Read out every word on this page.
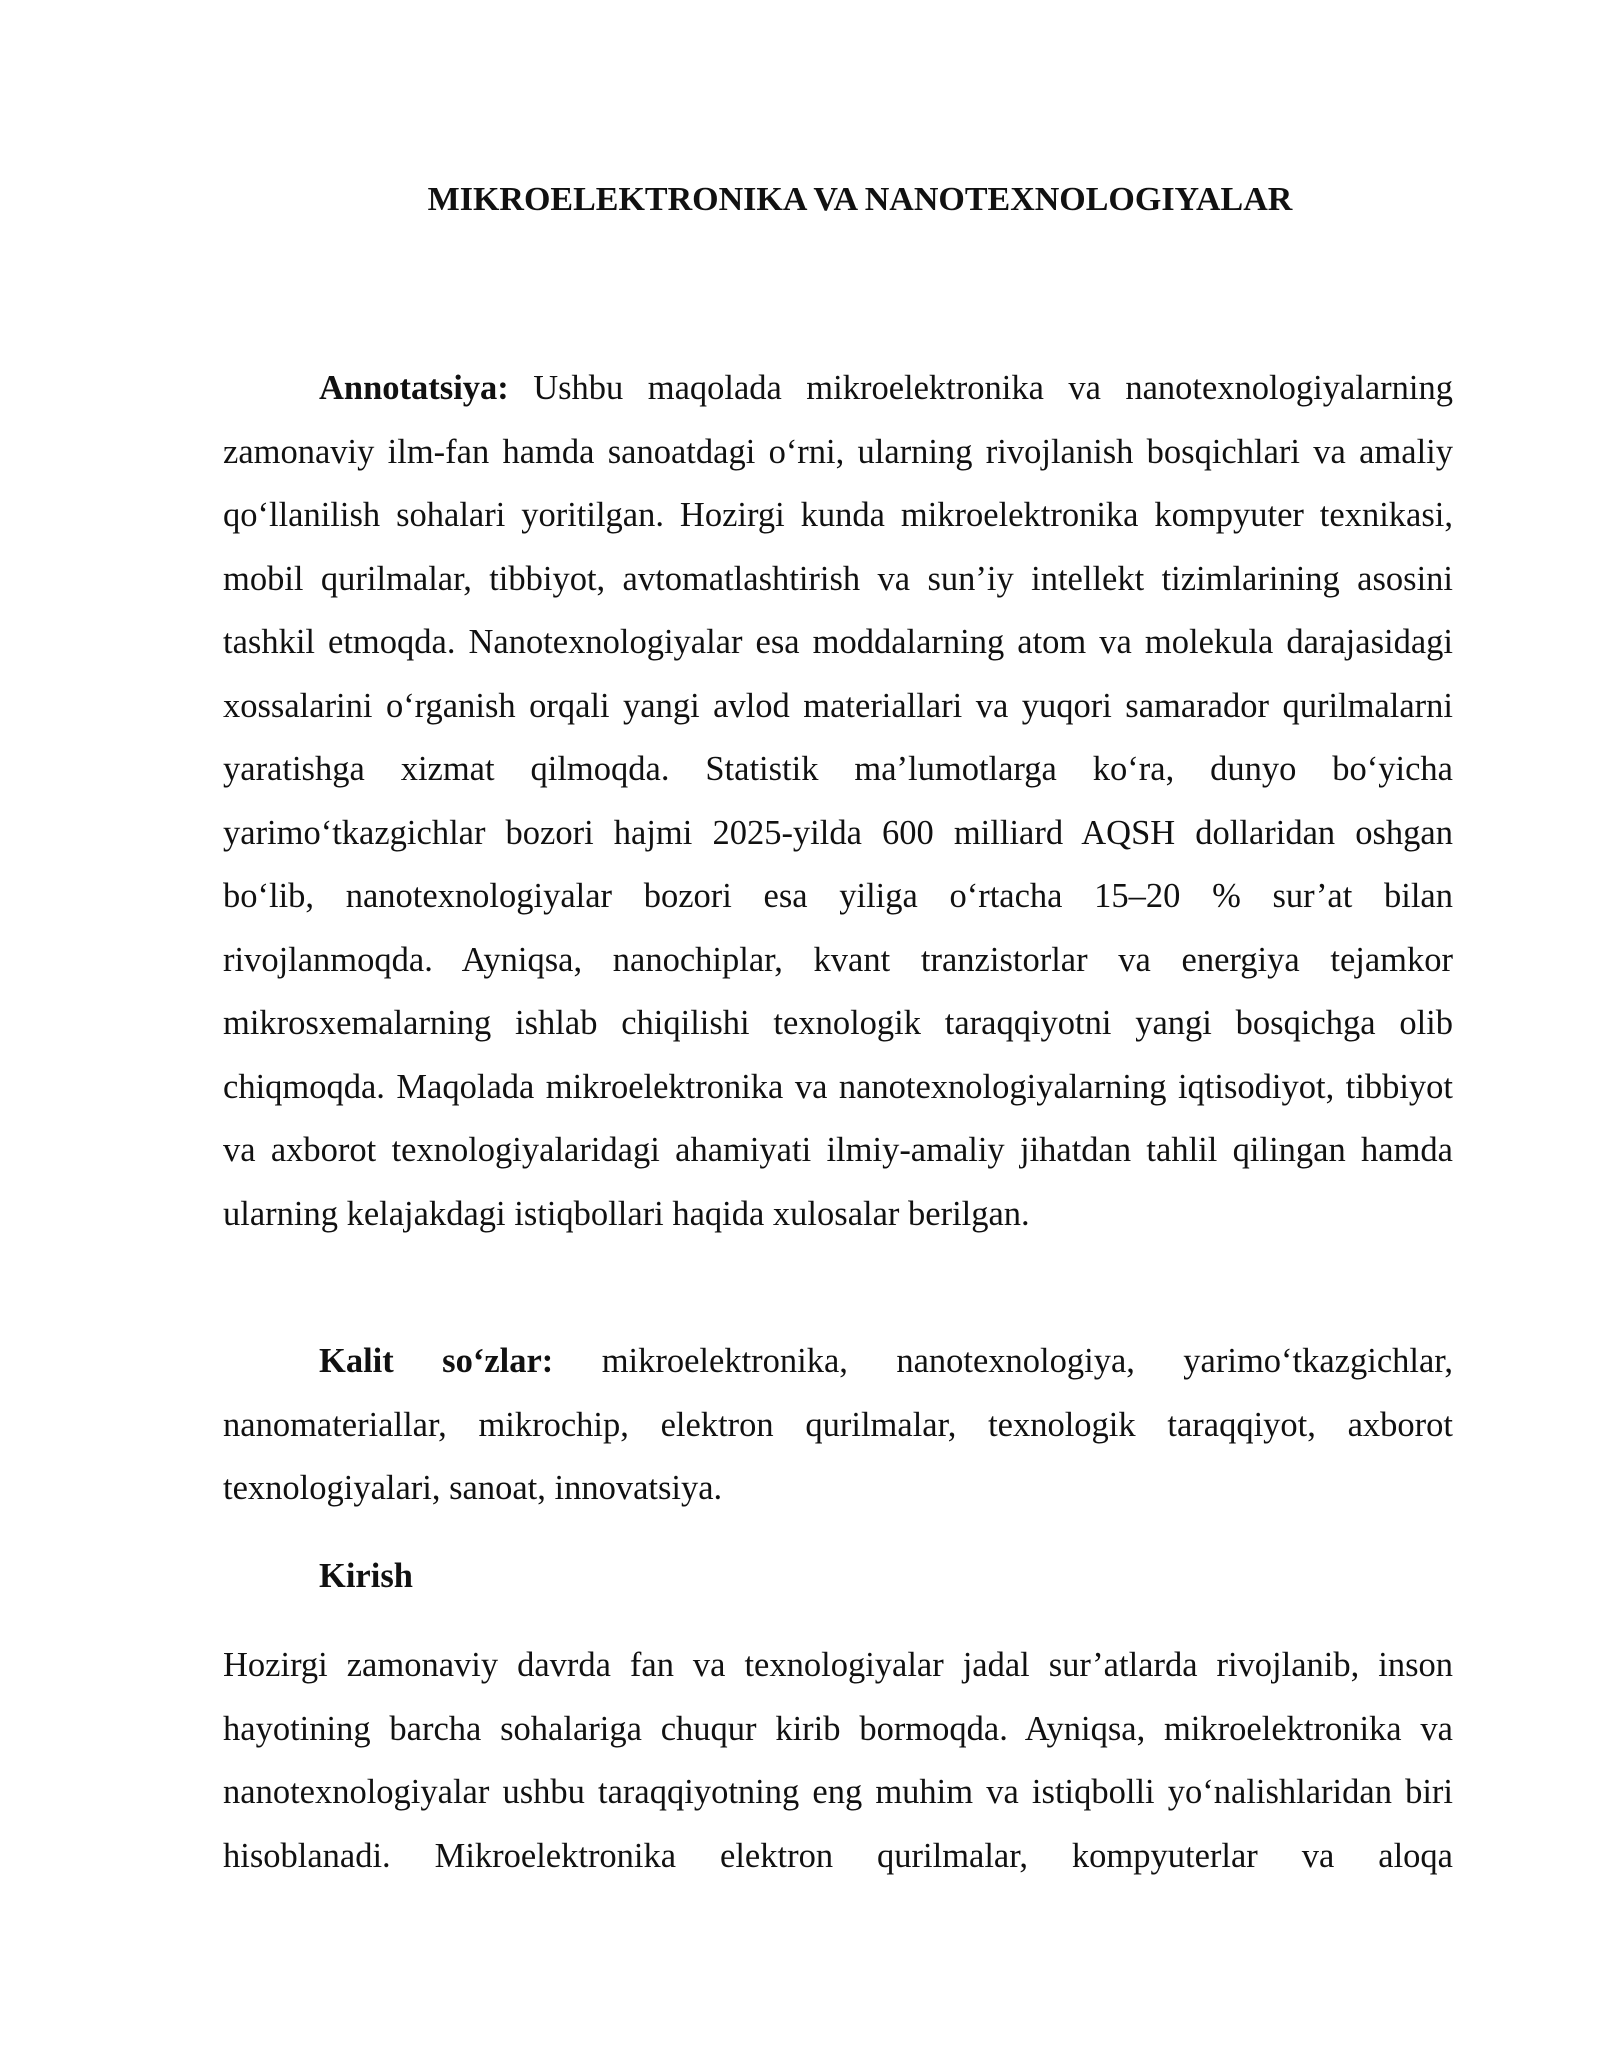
MIKROELEKTRONIKA VA NANOTEXNOLOGIYALAR

Annotatsiya: Ushbu maqolada mikroelektronika va nanotexnologiyalarning zamonaviy ilm-fan hamda sanoatdagi o‘rni, ularning rivojlanish bosqichlari va amaliy qo‘llanilish sohalari yoritilgan. Hozirgi kunda mikroelektronika kompyuter texnikasi, mobil qurilmalar, tibbiyot, avtomatlashtirish va sun’iy intellekt tizimlarining asosini tashkil etmoqda. Nanotexnologiyalar esa moddalarning atom va molekula darajasidagi xossalarini o‘rganish orqali yangi avlod materiallari va yuqori samarador qurilmalarni yaratishga xizmat qilmoqda. Statistik ma’lumotlarga ko‘ra, dunyo bo‘yicha yarimo‘tkazgichlar bozori hajmi 2025-yilda 600 milliard AQSH dollaridan oshgan bo‘lib, nanotexnologiyalar bozori esa yiliga o‘rtacha 15–20 % sur’at bilan rivojlanmoqda. Ayniqsa, nanochiplar, kvant tranzistorlar va energiya tejamkor mikrosxemalarning ishlab chiqilishi texnologik taraqqiyotni yangi bosqichga olib chiqmoqda. Maqolada mikroelektronika va nanotexnologiyalarning iqtisodiyot, tibbiyot va axborot texnologiyalaridagi ahamiyati ilmiy-amaliy jihatdan tahlil qilingan hamda ularning kelajakdagi istiqbollari haqida xulosalar berilgan.

Kalit so‘zlar: mikroelektronika, nanotexnologiya, yarimo‘tkazgichlar, nanomateriallar, mikrochip, elektron qurilmalar, texnologik taraqqiyot, axborot texnologiyalari, sanoat, innovatsiya.

Kirish

Hozirgi zamonaviy davrda fan va texnologiyalar jadal sur’atlarda rivojlanib, inson hayotining barcha sohalariga chuqur kirib bormoqda. Ayniqsa, mikroelektronika va nanotexnologiyalar ushbu taraqqiyotning eng muhim va istiqbolli yo‘nalishlaridan biri hisoblanadi. Mikroelektronika elektron qurilmalar, kompyuterlar va aloqa
